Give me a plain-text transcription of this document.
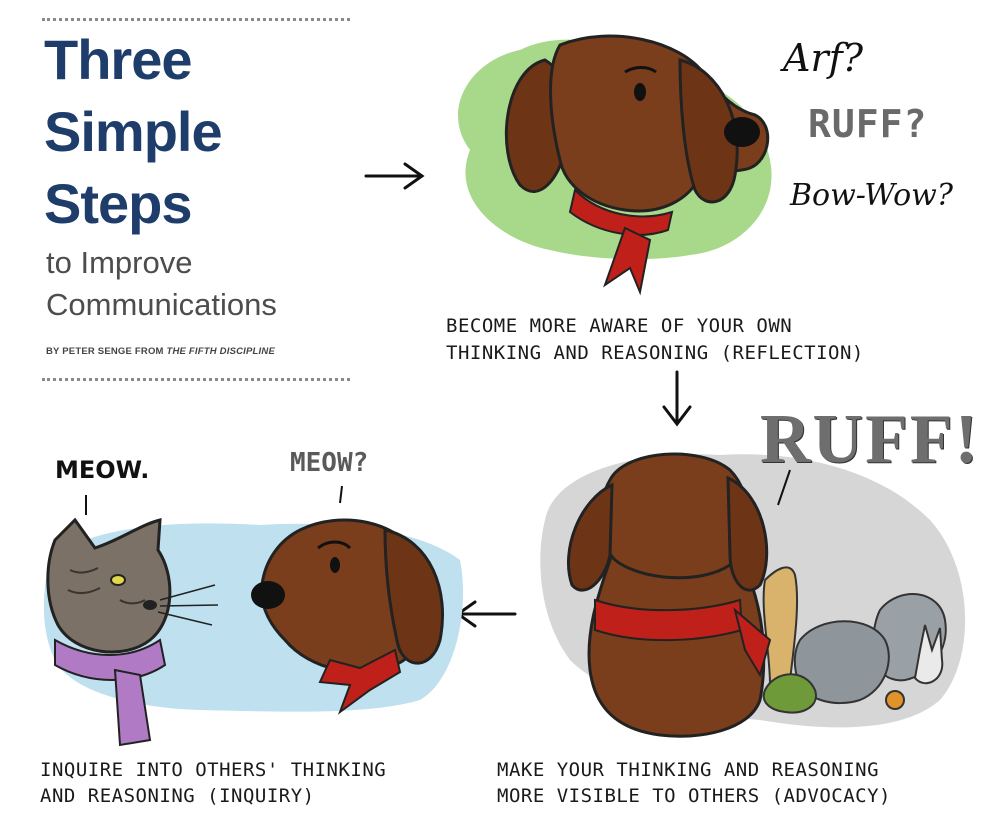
Three
Simple
Steps
to Improve
Communications
BY PETER SENGE FROM THE FIFTH DISCIPLINE
Arf?
RUFF?
Bow-Wow?
RUFF!
MEOW.	MEOW?
BECOME MORE AWARE OF YOUR OWN
THINKING AND REASONING (REFLECTION)
MAKE YOUR THINKING AND REASONING
MORE VISIBLE TO OTHERS (ADVOCACY)
INQUIRE INTO OTHERS' THINKING
AND REASONING (INQUIRY)
